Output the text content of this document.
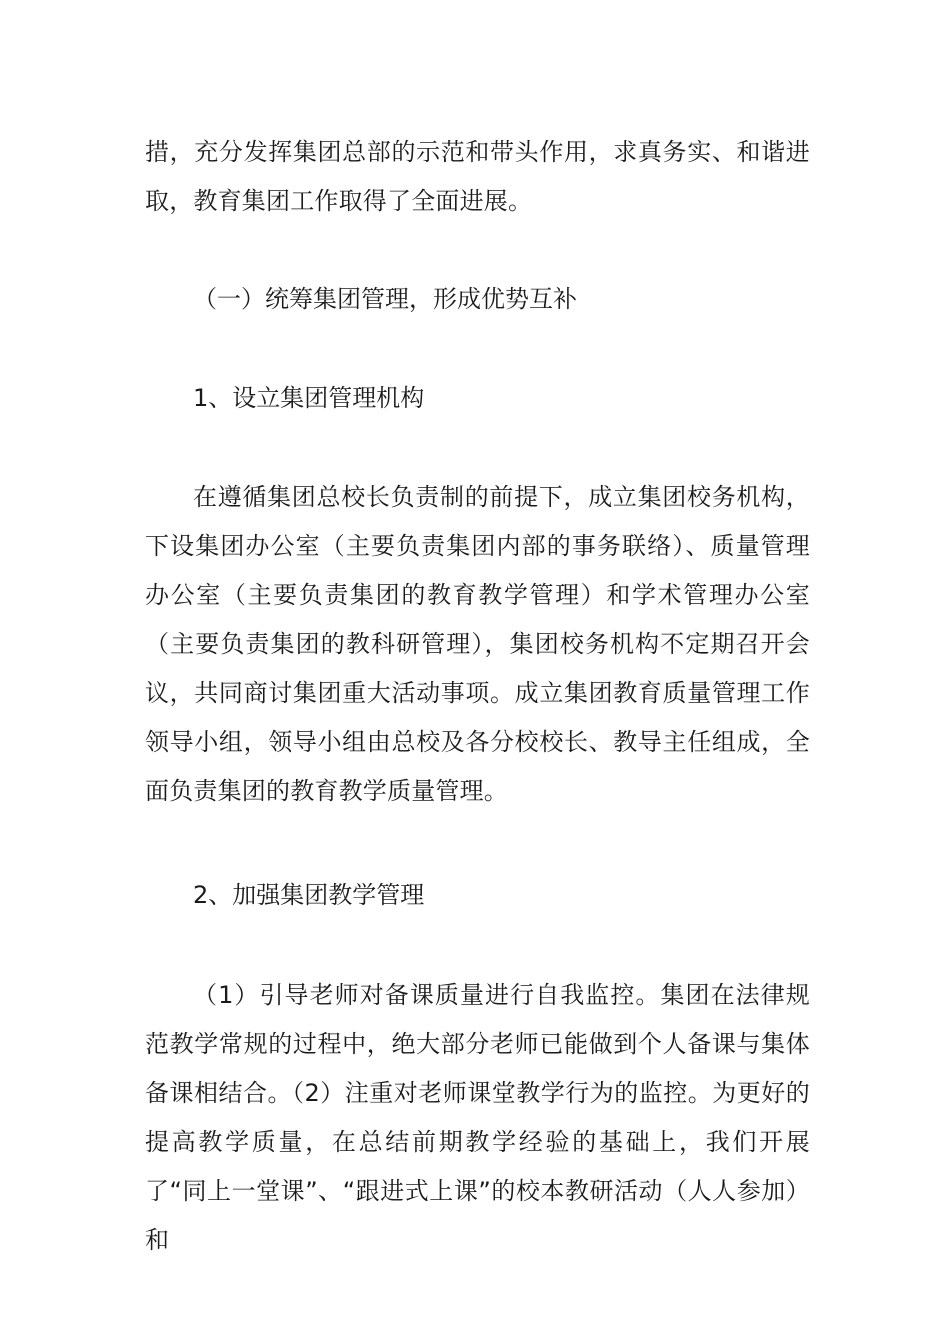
措，充分发挥集团总部的示范和带头作用，求真务实、和谐进取，教育集团工作取得了全面进展。

（一）统筹集团管理，形成优势互补

1、设立集团管理机构

在遵循集团总校长负责制的前提下，成立集团校务机构，下设集团办公室（主要负责集团内部的事务联络）、质量管理办公室（主要负责集团的教育教学管理）和学术管理办公室（主要负责集团的教科研管理），集团校务机构不定期召开会议，共同商讨集团重大活动事项。成立集团教育质量管理工作领导小组，领导小组由总校及各分校校长、教导主任组成，全面负责集团的教育教学质量管理。

2、加强集团教学管理

（1）引导老师对备课质量进行自我监控。集团在法律规范教学常规的过程中，绝大部分老师已能做到个人备课与集体备课相结合。（2）注重对老师课堂教学行为的监控。为更好的提高教学质量，在总结前期教学经验的基础上，我们开展了“同上一堂课”、“跟进式上课”的校本教研活动（人人参加）和
